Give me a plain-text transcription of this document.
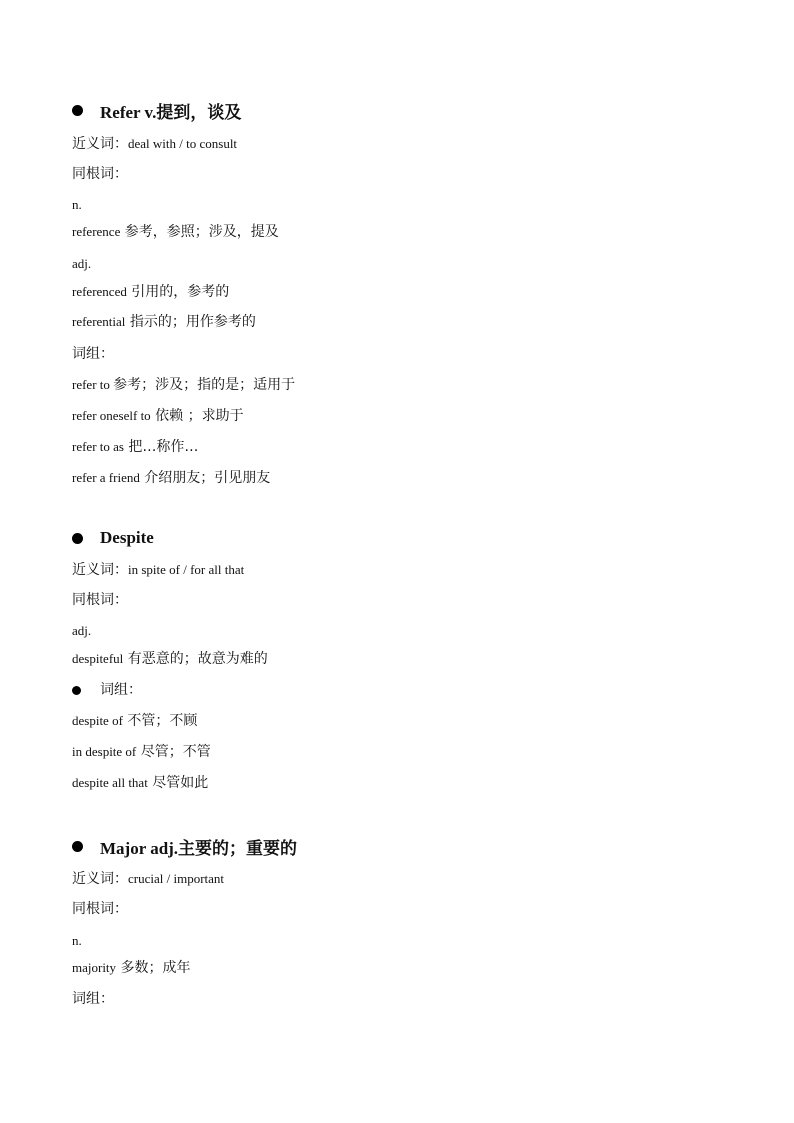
Refer v.提到，谈及
近义词：deal with / to consult
同根词：
n.
reference 参考，参照；涉及，提及
adj.
referenced 引用的，参考的
referential 指示的；用作参考的
词组：
refer to 参考；涉及；指的是；适用于
refer oneself to 依赖 ；求助于
refer to as 把…称作…
refer a friend 介绍朋友；引见朋友
Despite
近义词：in spite of / for all that
同根词：
adj.
despiteful 有恶意的；故意为难的
词组：
despite of 不管；不顾
in despite of 尽管；不管
despite all that 尽管如此
Major adj.主要的；重要的
近义词：crucial / important
同根词：
n.
majority 多数；成年
词组：
